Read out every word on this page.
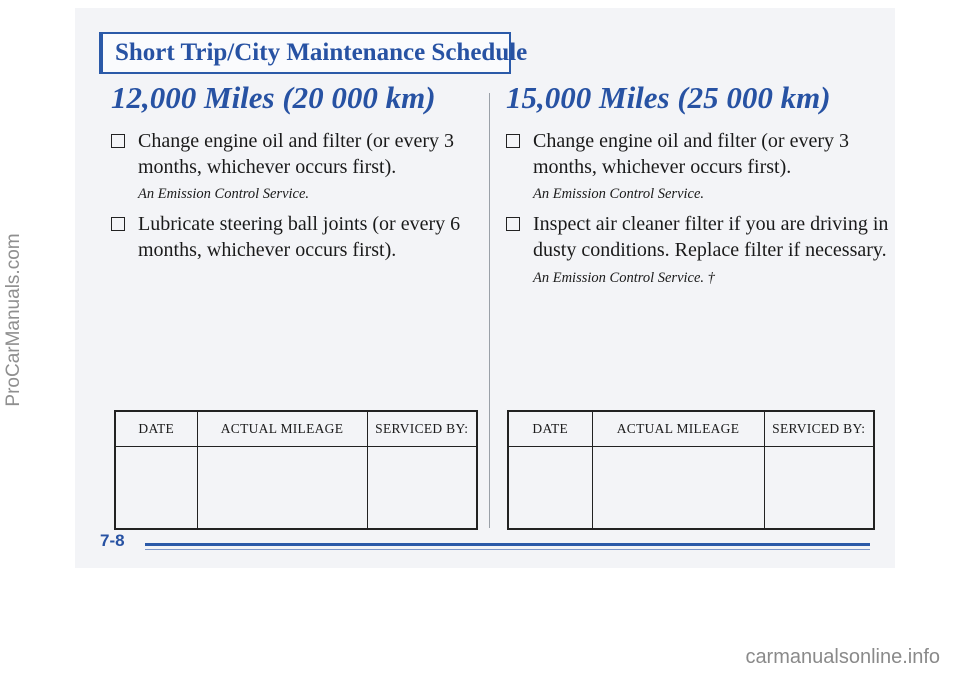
Short Trip/City Maintenance Schedule
12,000 Miles (20 000 km)
Change engine oil and filter (or every 3 months, whichever occurs first).
An Emission Control Service.
Lubricate steering ball joints (or every 6 months, whichever occurs first).
15,000 Miles (25 000 km)
Change engine oil and filter (or every 3 months, whichever occurs first).
An Emission Control Service.
Inspect air cleaner filter if you are driving in dusty conditions. Replace filter if necessary. An Emission Control Service. †
DATE	ACTUAL MILEAGE	SERVICED BY:
			DATE	ACTUAL MILEAGE	SERVICED BY:

7-8
ProCarManuals.com
carmanualsonline.info
